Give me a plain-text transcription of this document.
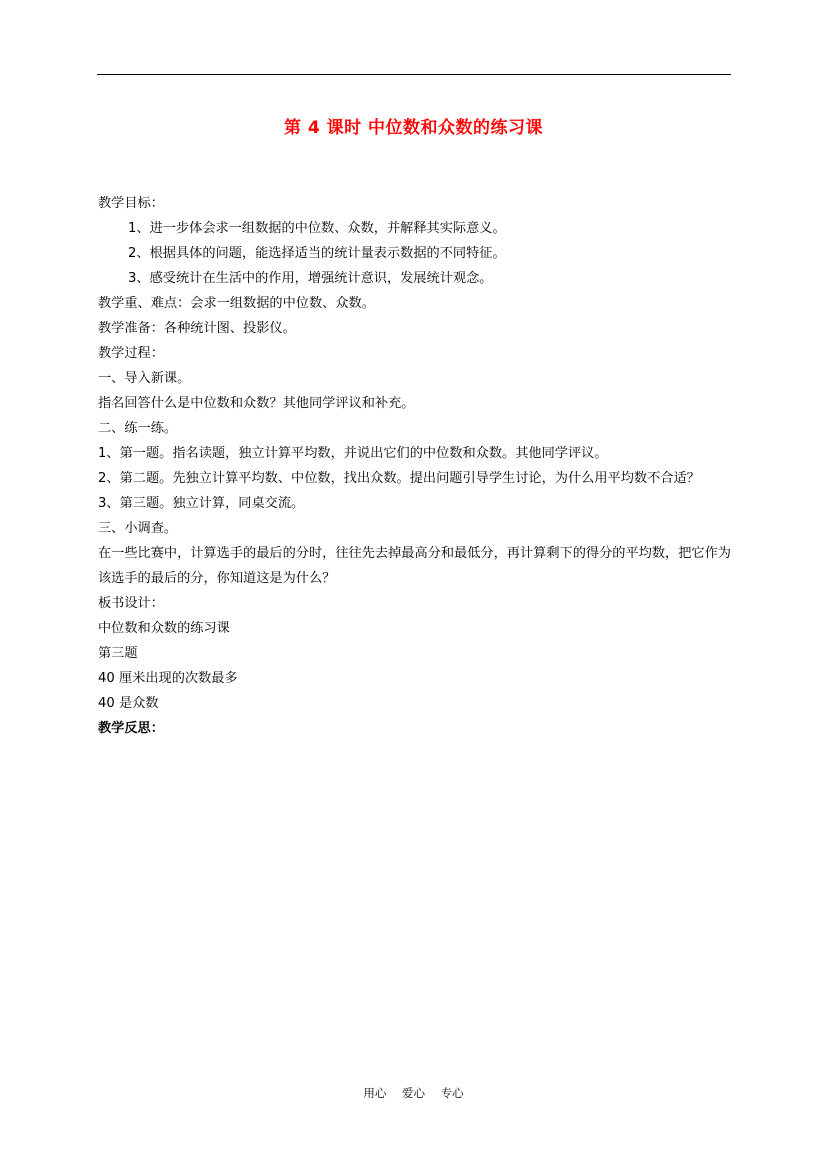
第 4 课时 中位数和众数的练习课
教学目标：
1、进一步体会求一组数据的中位数、众数，并解释其实际意义。
2、根据具体的问题，能选择适当的统计量表示数据的不同特征。
3、感受统计在生活中的作用，增强统计意识，发展统计观念。
教学重、难点：会求一组数据的中位数、众数。
教学准备：各种统计图、投影仪。
教学过程：
一、导入新课。
指名回答什么是中位数和众数？其他同学评议和补充。
二、练一练。
1、第一题。指名读题，独立计算平均数，并说出它们的中位数和众数。其他同学评议。
2、第二题。先独立计算平均数、中位数，找出众数。提出问题引导学生讨论，为什么用平均数不合适？
3、第三题。独立计算，同桌交流。
三、小调查。
在一些比赛中，计算选手的最后的分时，往往先去掉最高分和最低分，再计算剩下的得分的平均数，把它作为该选手的最后的分，你知道这是为什么？
板书设计：
中位数和众数的练习课
第三题
40 厘米出现的次数最多
40 是众数
教学反思：
用心 爱心 专心
